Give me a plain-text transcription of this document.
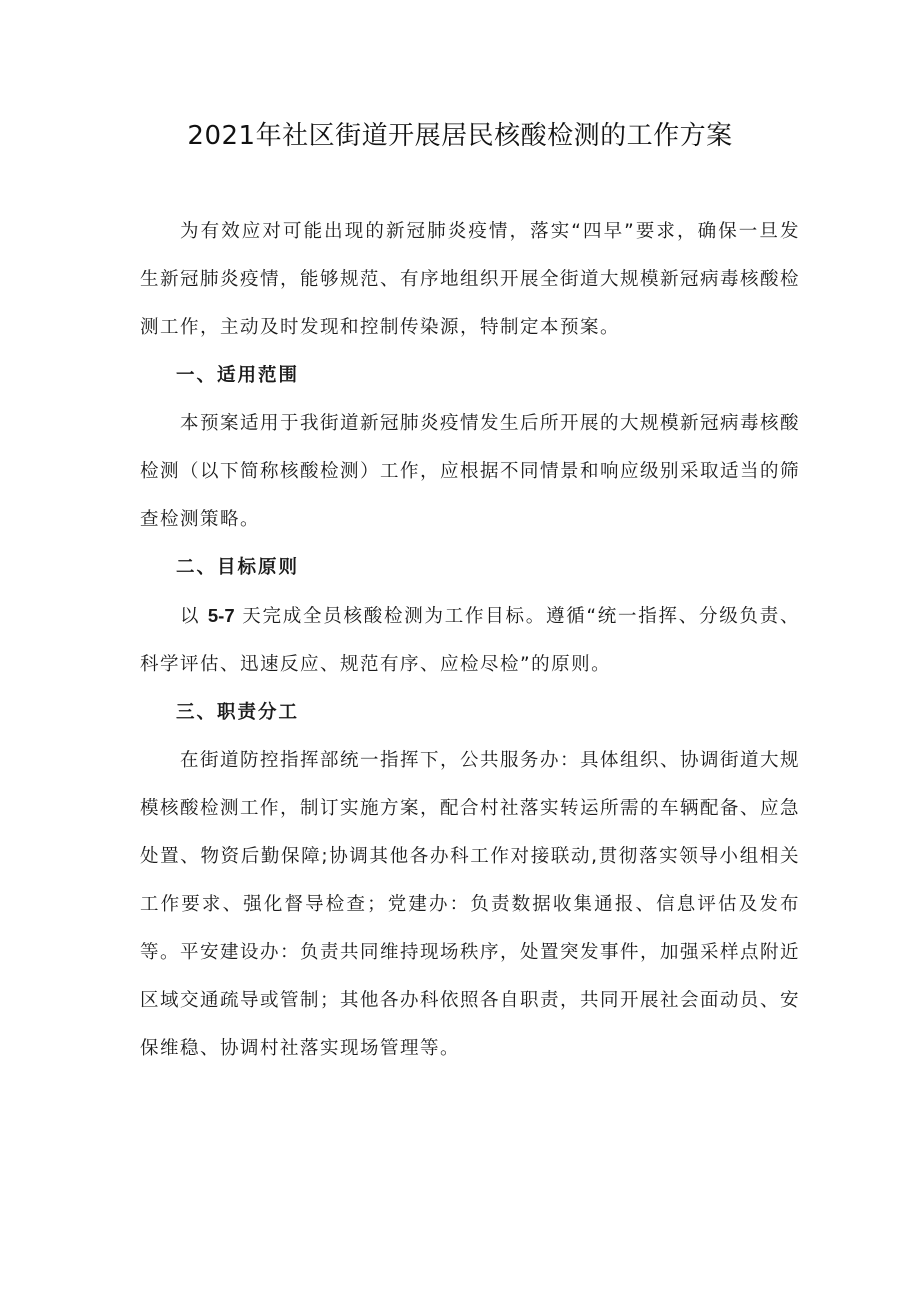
2021年社区街道开展居民核酸检测的工作方案

为有效应对可能出现的新冠肺炎疫情，落实“四早”要求，确保一旦发生新冠肺炎疫情，能够规范、有序地组织开展全街道大规模新冠病毒核酸检测工作，主动及时发现和控制传染源，特制定本预案。

一、适用范围

本预案适用于我街道新冠肺炎疫情发生后所开展的大规模新冠病毒核酸检测（以下简称核酸检测）工作，应根据不同情景和响应级别采取适当的筛查检测策略。

二、目标原则

以 5-7 天完成全员核酸检测为工作目标。遵循“统一指挥、分级负责、科学评估、迅速反应、规范有序、应检尽检”的原则。

三、职责分工

在街道防控指挥部统一指挥下，公共服务办：具体组织、协调街道大规模核酸检测工作，制订实施方案，配合村社落实转运所需的车辆配备、应急处置、物资后勤保障;协调其他各办科工作对接联动,贯彻落实领导小组相关工作要求、强化督导检查；党建办：负责数据收集通报、信息评估及发布等。平安建设办：负责共同维持现场秩序，处置突发事件，加强采样点附近区域交通疏导或管制；其他各办科依照各自职责，共同开展社会面动员、安保维稳、协调村社落实现场管理等。
